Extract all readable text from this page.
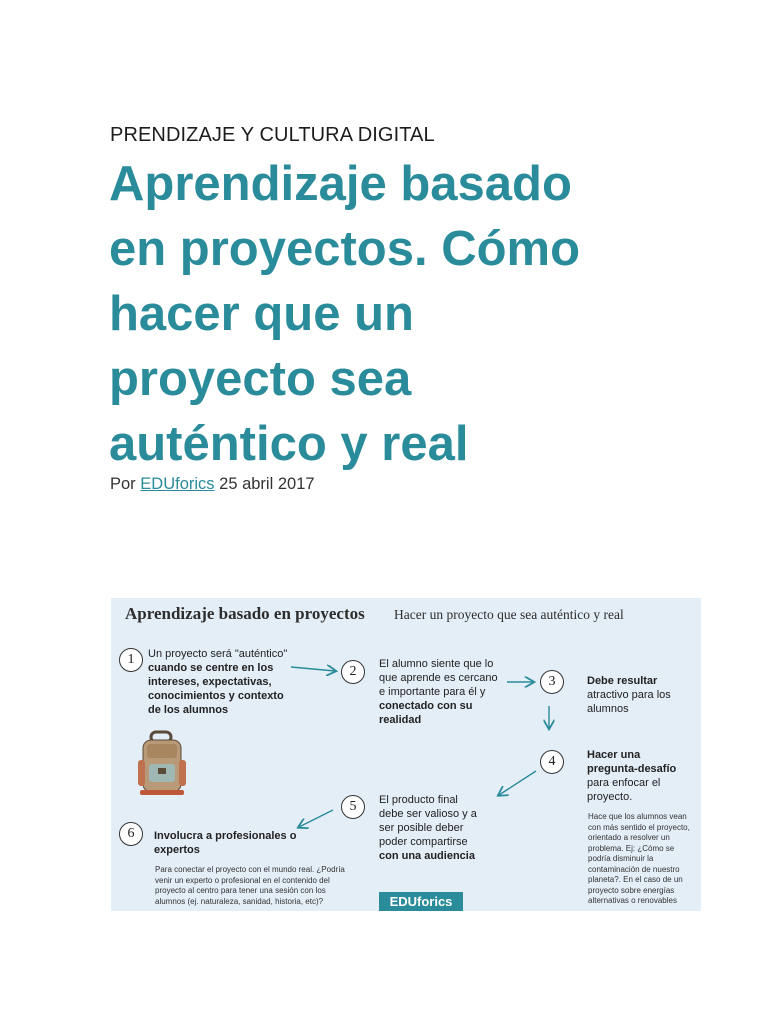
PRENDIZAJE Y CULTURA DIGITAL
Aprendizaje basado
en proyectos. Cómo
hacer que un
proyecto sea
auténtico y real
Por EDUforics 25 abril 2017
Aprendizaje basado en proyectos Hacer un proyecto que sea auténtico y real
1	Un proyecto será "auténtico"
cuando se centre en los
intereses, expectativas,
conocimientos y contexto
de los alumnos
2	El alumno siente que lo
que aprende es cercano
e importante para él y
conectado con su
realidad
3	Debe resultar
atractivo para los
alumnos
4	Hacer una
pregunta-desafío
para enfocar el
proyecto.
Hace que los alumnos vean
con más sentido el proyecto,
orientado a resolver un
problema. Ej: ¿Cómo se
podría disminuir la
contaminación de nuestro
planeta?. En el caso de un
proyecto sobre energías
alternativas o renovables
5	El producto final
debe ser valioso y a
ser posible deber
poder compartirse
con una audiencia
6	Involucra a profesionales o
expertos
Para conectar el proyecto con el mundo real. ¿Podría
venir un experto o profesional en el contenido del
proyecto al centro para tener una sesión con los
alumnos (ej. naturaleza, sanidad, historia, etc)?	EDUforics
